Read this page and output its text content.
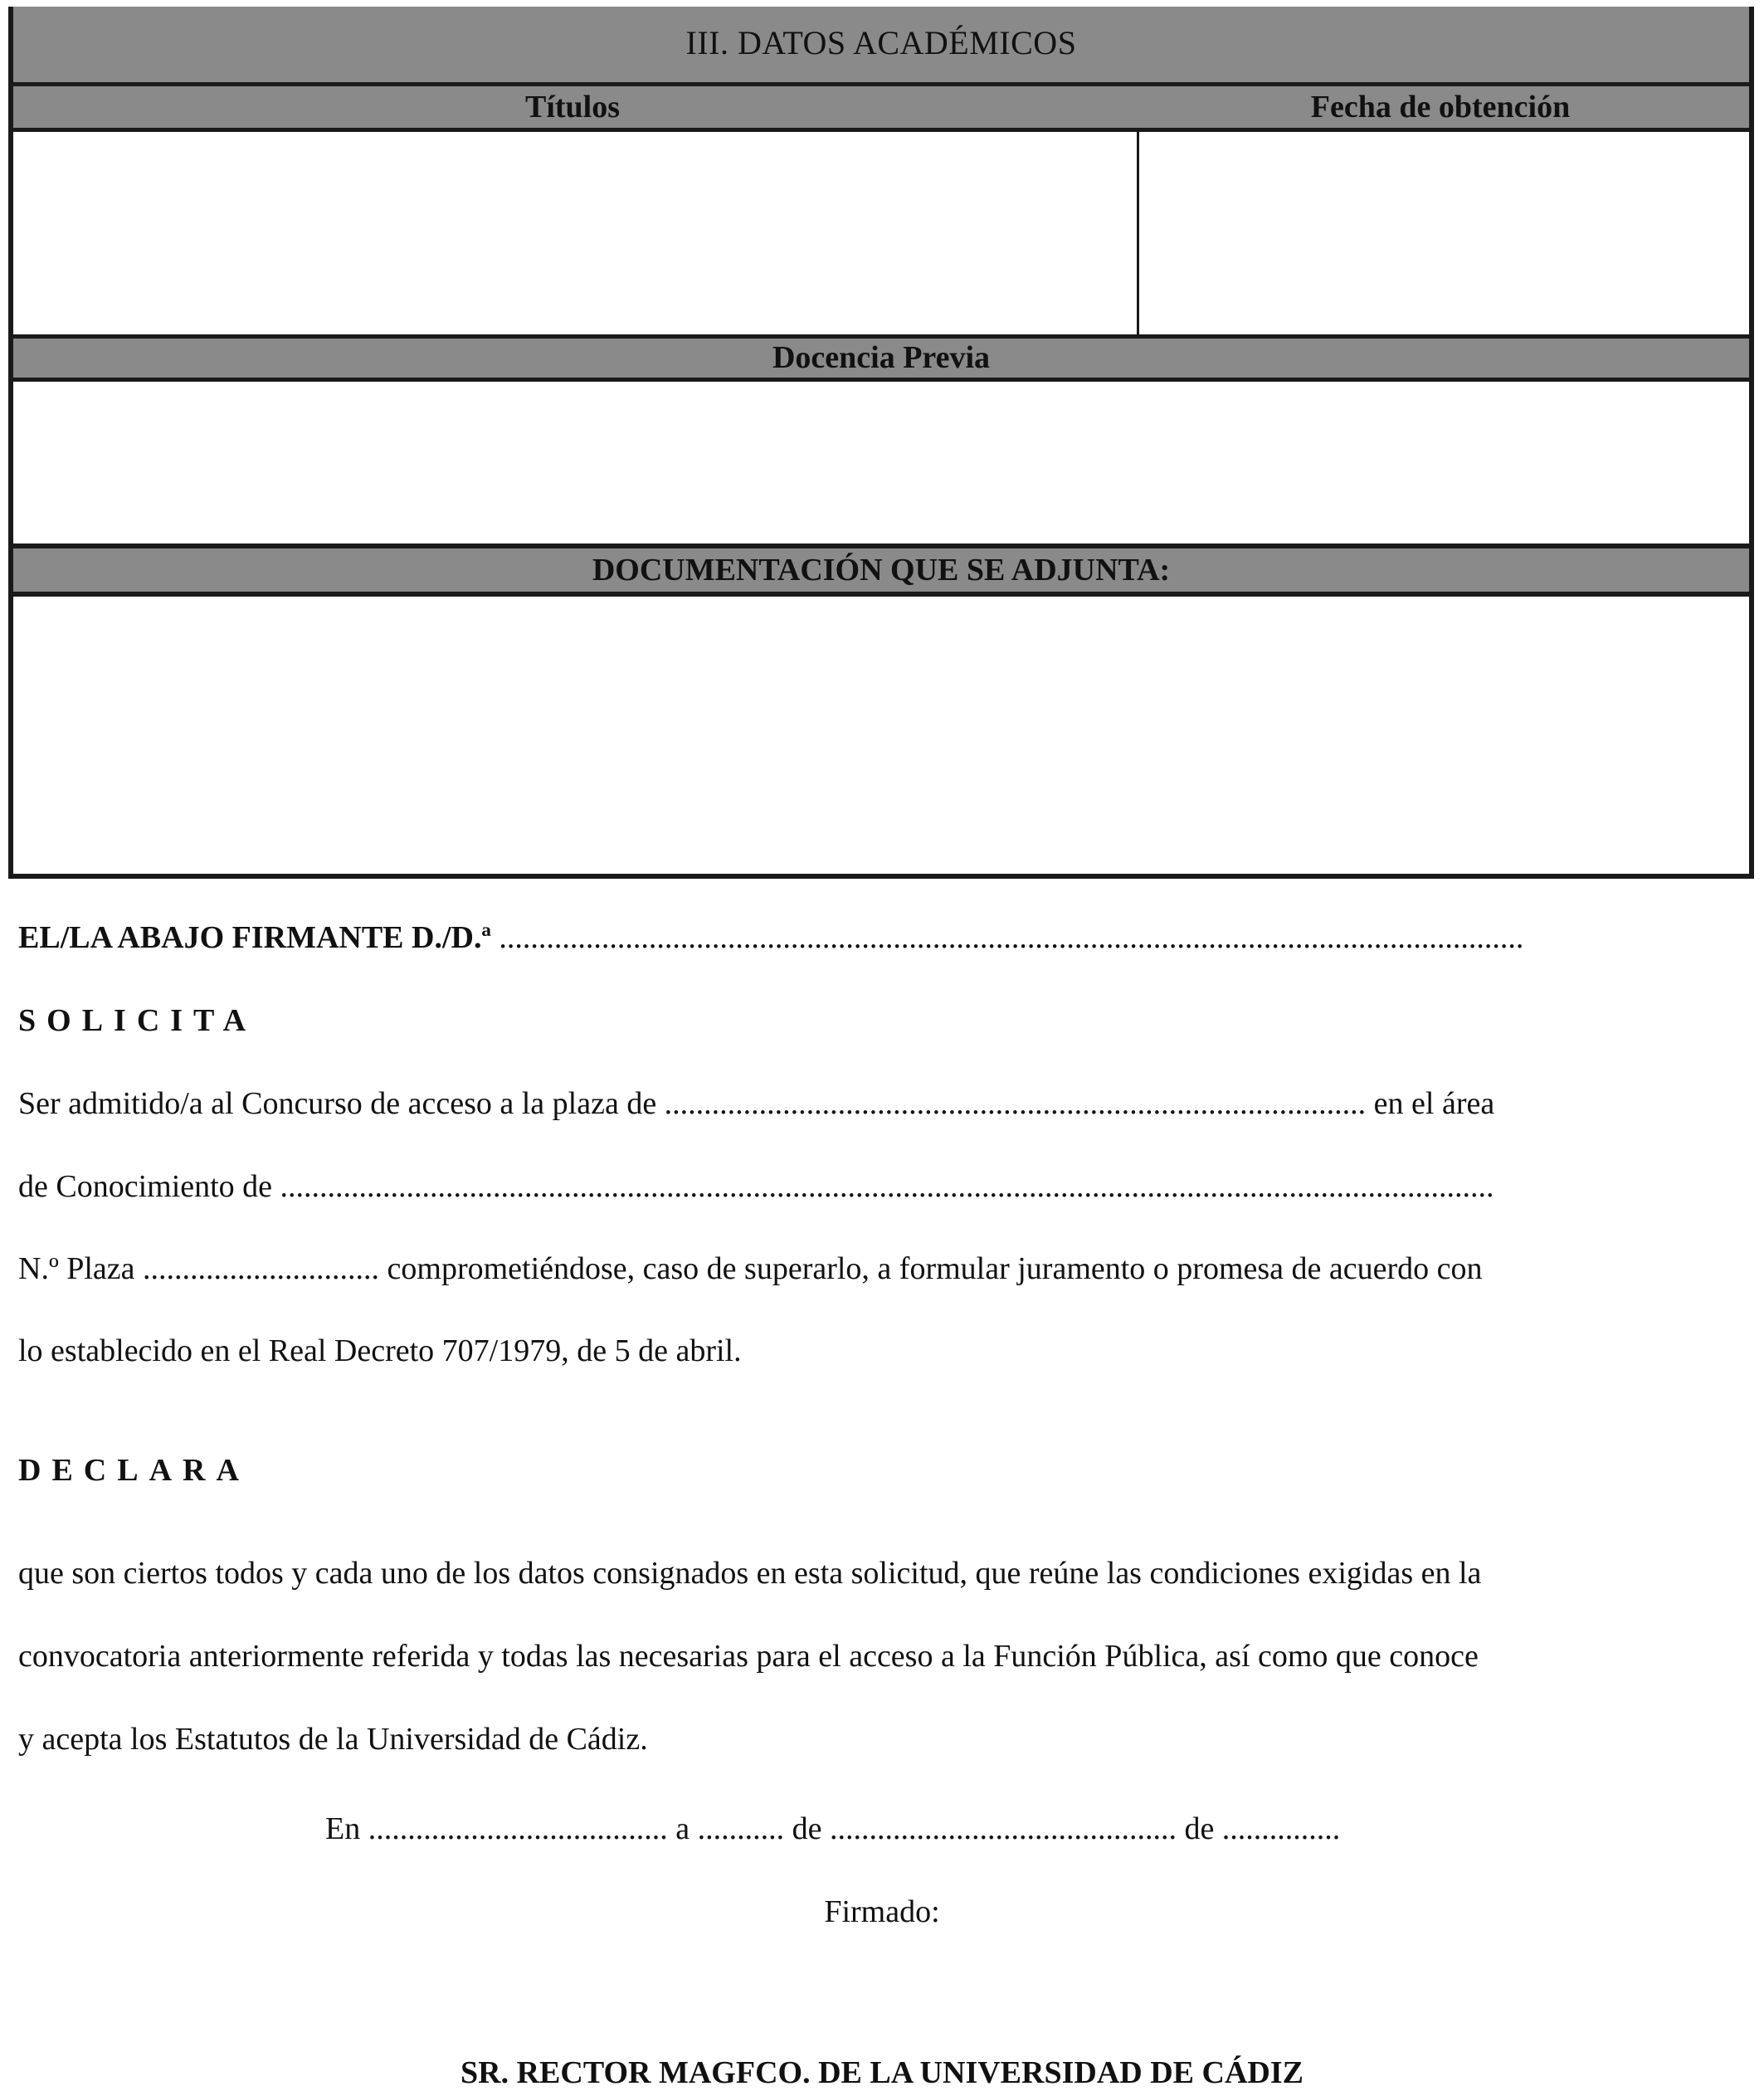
III. DATOS ACADÉMICOS
Títulos	Fecha de obtención
Docencia Previa
DOCUMENTACIÓN QUE SE ADJUNTA:
EL/LA ABAJO FIRMANTE D./D.ª ..................................................................................................................................
SOLICITA
Ser admitido/a al Concurso de acceso a la plaza de ......................................................................................... en el área
de Conocimiento de ..........................................................................................................................................................
N.º Plaza .............................. comprometiéndose, caso de superarlo, a formular juramento o promesa de acuerdo con
lo establecido en el Real Decreto 707/1979, de 5 de abril.
DECLARA
que son ciertos todos y cada uno de los datos consignados en esta solicitud, que reúne las condiciones exigidas en la
convocatoria anteriormente referida y todas las necesarias para el acceso a la Función Pública, así como que conoce
y acepta los Estatutos de la Universidad de Cádiz.
En ...................................... a ........... de ............................................ de ...............
Firmado:
SR. RECTOR MAGFCO. DE LA UNIVERSIDAD DE CÁDIZ
